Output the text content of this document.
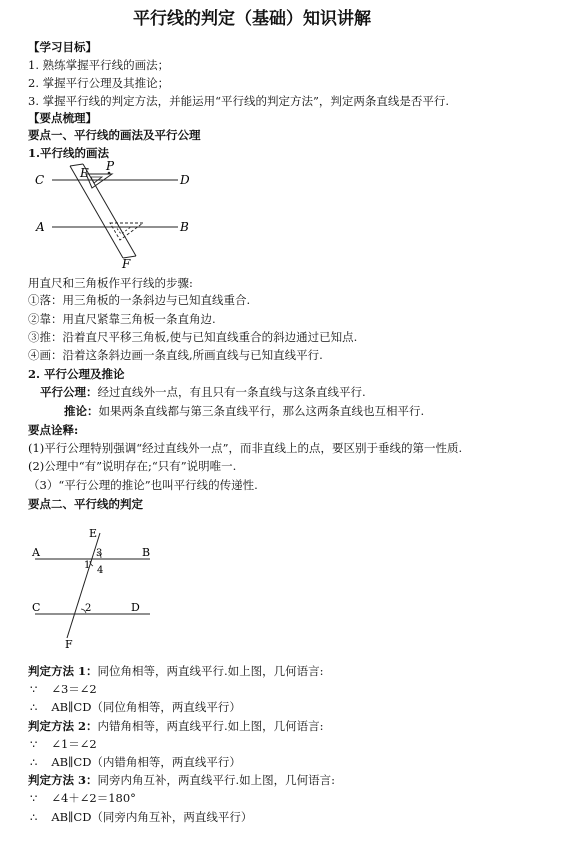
平行线的判定（基础）知识讲解
【学习目标】
1. 熟练掌握平行线的画法；
2. 掌握平行公理及其推论；
3. 掌握平行线的判定方法，并能运用“平行线的判定方法”，判定两条直线是否平行.
【要点梳理】
要点一、平行线的画法及平行公理
1.平行线的画法
C	E P
D
A	B
F
用直尺和三角板作平行线的步骤:
①落：用三角板的一条斜边与已知直线重合.
②靠：用直尺紧靠三角板一条直角边.
③推：沿着直尺平移三角板,使与已知直线重合的斜边通过已知点.
④画：沿着这条斜边画一条直线,所画直线与已知直线平行.
2. 平行公理及推论
平行公理：经过直线外一点，有且只有一条直线与这条直线平行.
推论：如果两条直线都与第三条直线平行，那么这两条直线也互相平行.
要点诠释:
(1)平行公理特别强调“经过直线外一点”，而非直线上的点，要区别于垂线的第一性质.
(2)公理中“有”说明存在;“只有”说明唯一.
（3）“平行公理的推论”也叫平行线的传递性.
要点二、平行线的判定
E
A	B
3
1 4
C	2	D
F
判定方法 1：同位角相等，两直线平行.如上图，几何语言:
∵ ∠3＝∠2
∴ AB∥CD（同位角相等，两直线平行）
判定方法 2：内错角相等，两直线平行.如上图，几何语言:
∵ ∠1＝∠2
∴ AB∥CD（内错角相等，两直线平行）
判定方法 3：同旁内角互补，两直线平行.如上图，几何语言:
∵ ∠4＋∠2＝180°
∴ AB∥CD（同旁内角互补，两直线平行）
